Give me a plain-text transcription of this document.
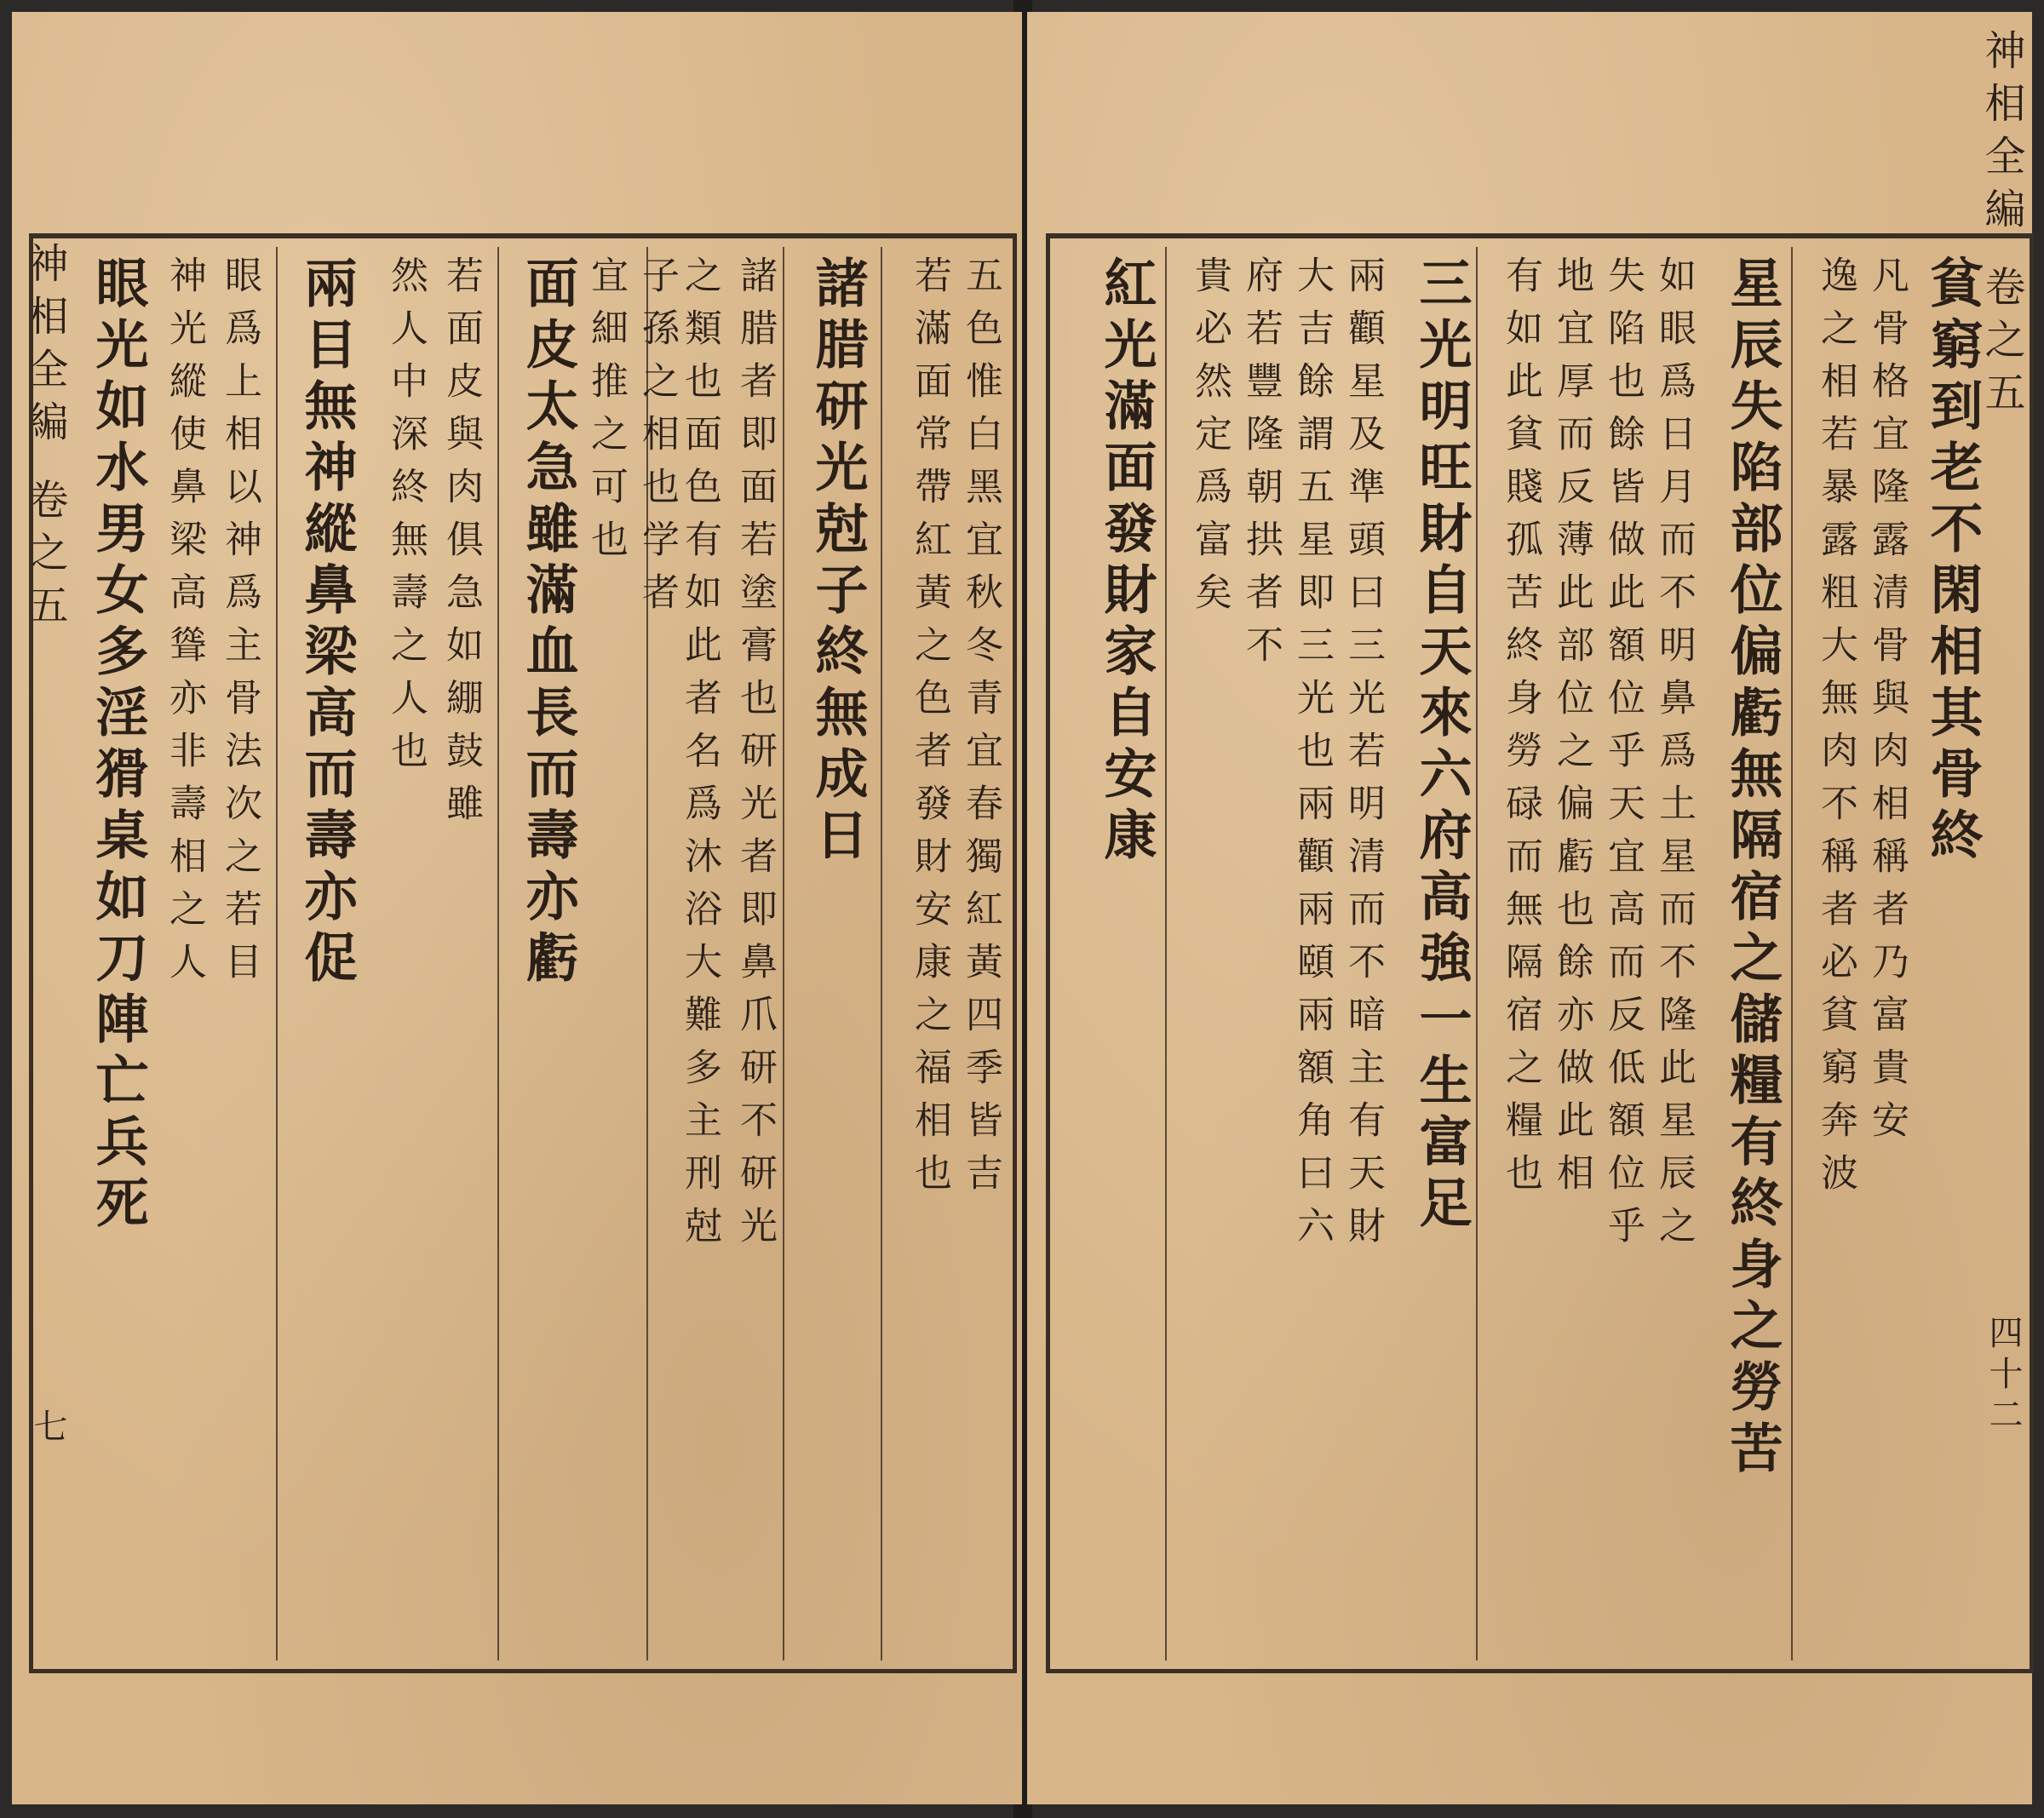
神相全編 卷之五
七
諸腊研光尅子終無成日 五色惟白黑宜秋冬青宜春獨紅黃四季皆吉
若滿面常帶紅黃之色者發財安康之福相也
諸腊者即面若塗膏也研光者即鼻爪研不研光
之類也面色有如此者名爲沐浴大難多主刑尅
面皮太急雖滿血長而壽亦虧 子孫之相也学者
宜細推之可也
兩目無神縱鼻梁高而壽亦促 若面皮與肉俱急如綳鼓雖
然人中深終無壽之人也
眼光如水男女多淫猾桌如刀陣亡兵死 眼爲上相以神爲主骨法次之若目
神光縱使鼻梁高聳亦非壽相之人
神相全編 卷之五
四十二
貧窮到老不閑相其骨終
凡骨格宜隆露清骨與肉相稱者乃富貴安
逸之相若暴露粗大無肉不稱者必貧窮奔波
星辰失陷部位偏虧無隔宿之儲糧有終身之勞苦
如眼爲日月而不明鼻爲土星而不隆此星辰之
失陷也餘皆做此額位乎天宜高而反低額位乎
地宜厚而反薄此部位之偏虧也餘亦做此相
有如此貧賤孤苦終身勞碌而無隔宿之糧也
三光明旺財自天來六府高強一生富足
兩顴星及準頭曰三光若明清而不暗主有天財
大吉餘謂五星即三光也兩顴兩頤兩額角曰六
府若豐隆朝拱者不
貴必然定爲富矣
紅光滿面發財家自安康
